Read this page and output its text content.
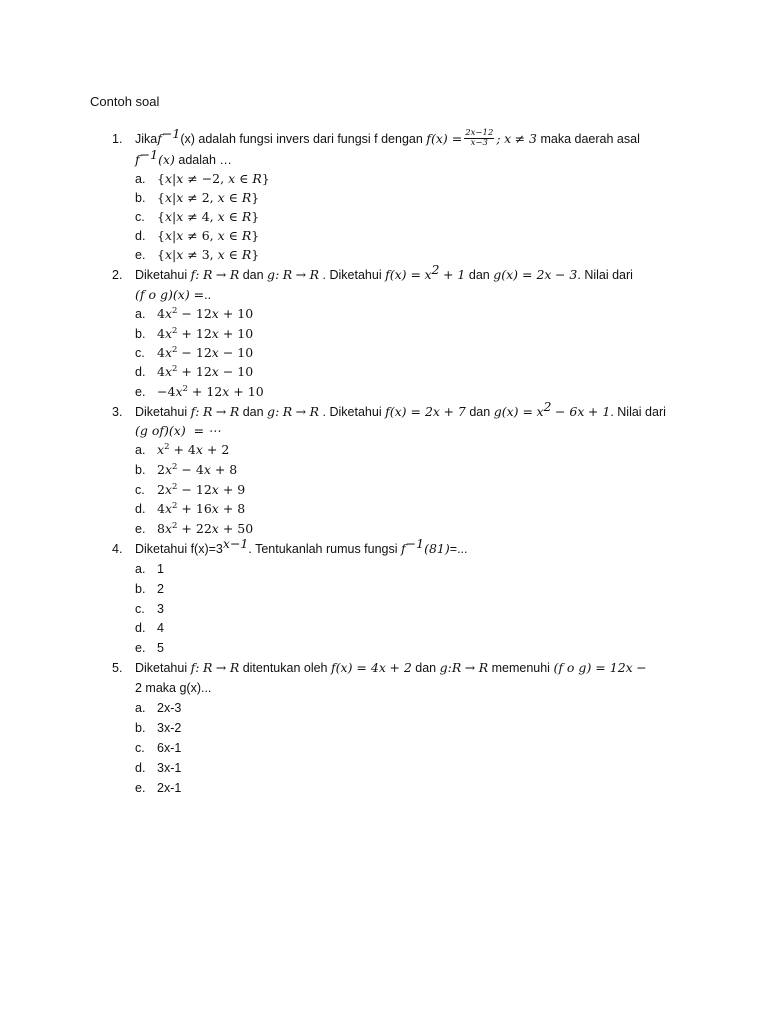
Contoh soal
1.	Jikaf$^{-1}$(x) adalah fungsi invers dari fungsi f dengan $f(x) = \frac{2x-12}{x-3}$ ; x ≠ 3 maka daerah asal
$f^{-1}(x)$ adalah …
a. {x|x ≠ −2, x ∈ R}
b. {x|x ≠ 2, x ∈ R}
c. {x|x ≠ 4, x ∈ R}
d. {x|x ≠ 6, x ∈ R}
e. {x|x ≠ 3, x ∈ R}
2.	Diketahui f: R → R dan g: R → R . Diketahui $f(x) = x^2 + 1$ dan g(x) = 2x − 3. Nilai dari
(f o g)(x) =..
a. $4x^2 - 12x + 10$
b. $4x^2 + 12x + 10$
c. $4x^2 - 12x - 10$
d. $4x^2 + 12x - 10$
e. $-4x^2 + 12x + 10$
3.	Diketahui f: R → R dan g: R → R . Diketahui f(x) = 2x + 7 dan $g(x) = x^2 - 6x + 1$. Nilai dari
(g of)(x)  = ⋯
a. $x^2 + 4x + 2$
b. $2x^2 - 4x + 8$
c. $2x^2 - 12x + 9$
d. $4x^2 + 16x + 8$
e. $8x^2 + 22x + 50$
4.	Diketahui $f(x)=3^{x-1}$. Tentukanlah rumus fungsi $f^{-1}(81)=$...
a. 1
b. 2
c. 3
d. 4
e. 5
5.	Diketahui f: R → R ditentukan oleh f(x) = 4x + 2 dan g:R → R memenuhi (f o g) = 12x −
2 maka g(x)...
a. 2x-3
b. 3x-2
c. 6x-1
d. 3x-1
e. 2x-1
